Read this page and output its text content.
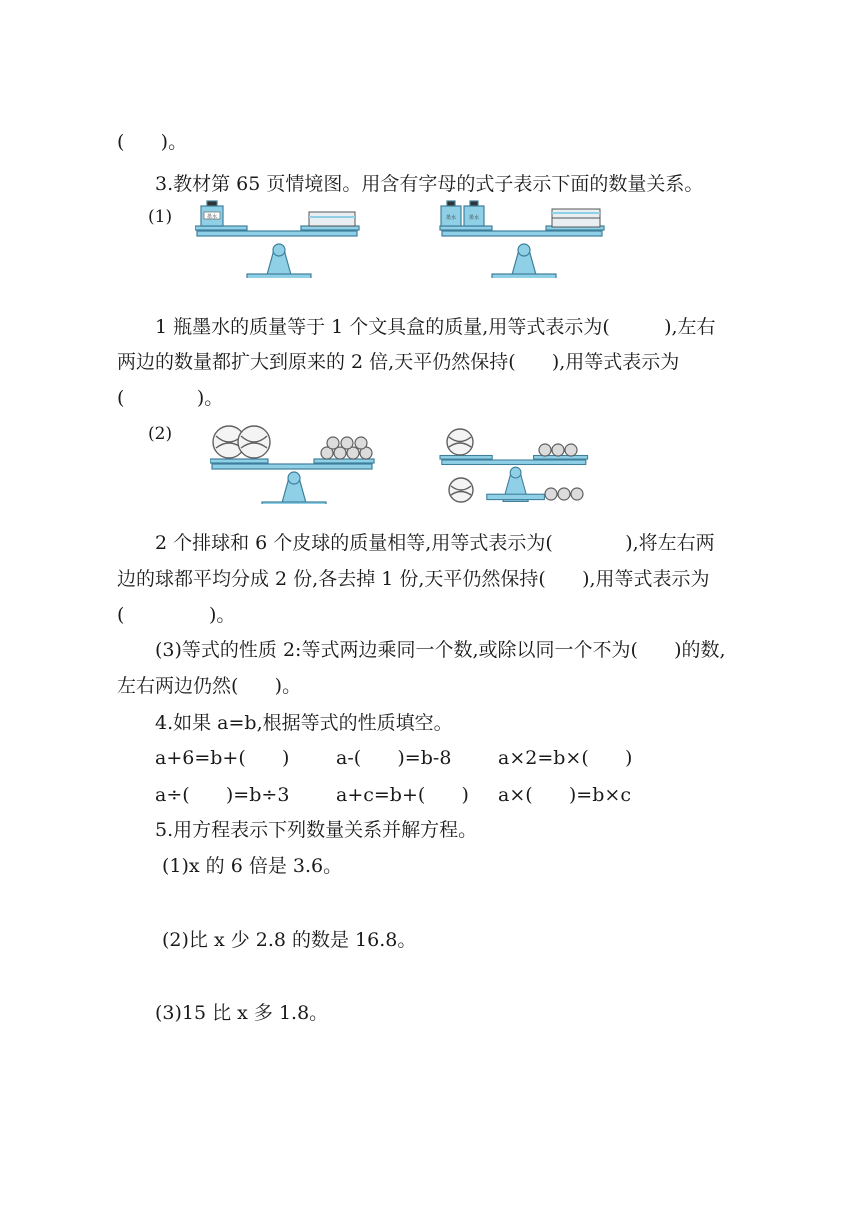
(      )。
3.教材第 65 页情境图。用含有字母的式子表示下面的数量关系。
(1)	墨水	墨水	墨水
1 瓶墨水的质量等于 1 个文具盒的质量,用等式表示为(         ),左右
两边的数量都扩大到原来的 2 倍,天平仍然保持(      ),用等式表示为
(            )。
(2)
2 个排球和 6 个皮球的质量相等,用等式表示为(            ),将左右两
边的球都平均分成 2 份,各去掉 1 份,天平仍然保持(      ),用等式表示为
(              )。
(3)等式的性质 2:等式两边乘同一个数,或除以同一个不为(      )的数,
左右两边仍然(      )。
4.如果 a=b,根据等式的性质填空。
a+6=b+(      ) a-(      )=b-8 a×2=b×(      )
a÷(      )=b÷3 a+c=b+(      ) a×(      )=b×c
5.用方程表示下列数量关系并解方程。
(1)x 的 6 倍是 3.6。
(2)比 x 少 2.8 的数是 16.8。
(3)15 比 x 多 1.8。
